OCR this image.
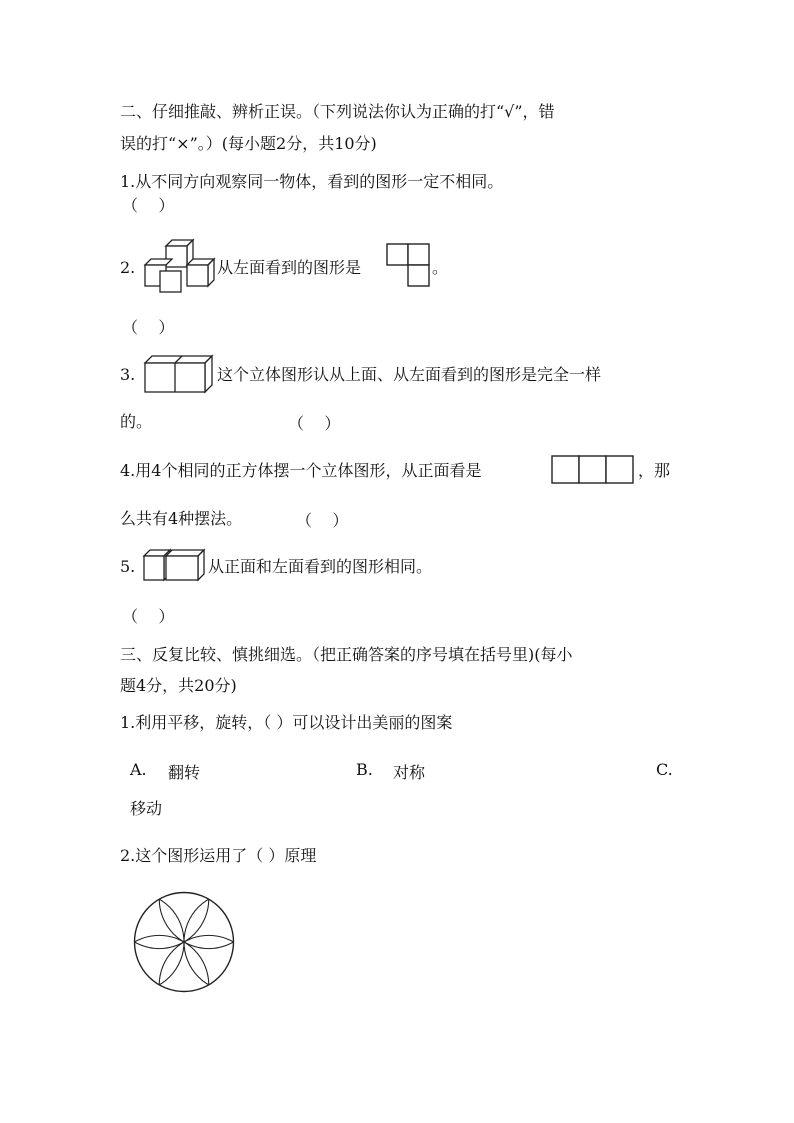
二、仔细推敲、辨析正误。（下列说法你认为正确的打“√”，错
误的打“×”。）(每小题2分，共10分)
1.从不同方向观察同一物体，看到的图形一定不相同。
（    ）
2.	从左面看到的图形是	。
（    ）
3.	这个立体图形认从上面、从左面看到的图形是完全一样
的。	（    ）
4.用4个相同的正方体摆一个立体图形，从正面看是	，那
么共有4种摆法。	（    ）
5.	从正面和左面看到的图形相同。
（    ）
三、反复比较、慎挑细选。（把正确答案的序号填在括号里)(每小
题4分，共20分)
1.利用平移，旋转，（ ）可以设计出美丽的图案
A. 翻转	B. 对称	C.
移动
2.这个图形运用了（ ）原理
